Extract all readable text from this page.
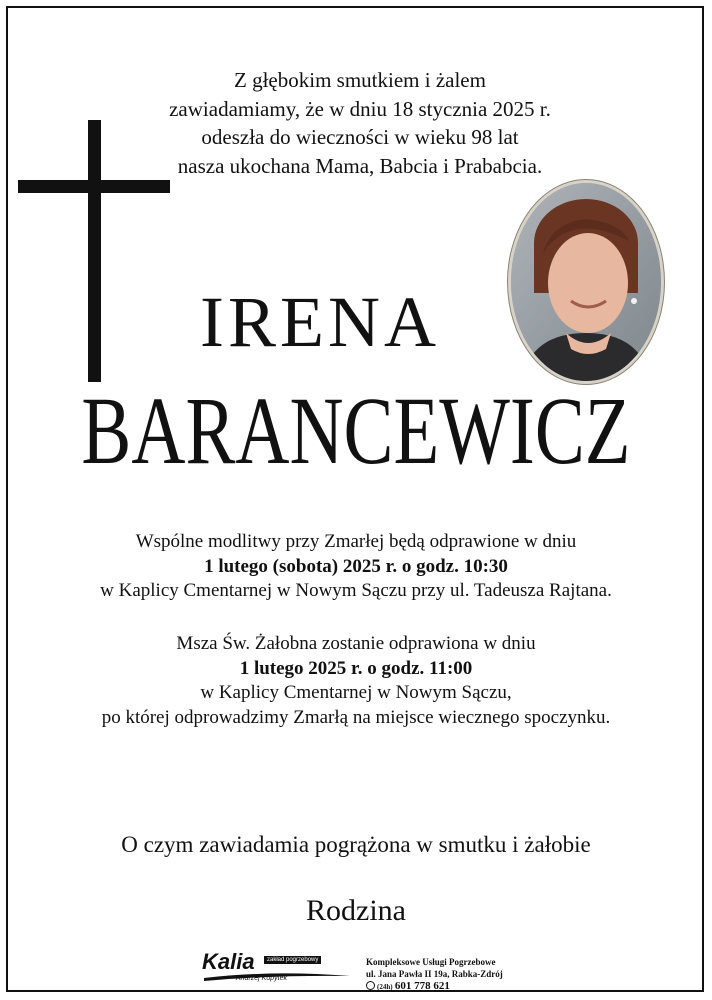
Z głębokim smutkiem i żalem
zawiadamiamy, że w dniu 18 stycznia 2025 r.
odeszła do wieczności w wieku 98 lat
nasza ukochana Mama, Babcia i Prababcia.
IRENA
BARANCEWICZ
Wspólne modlitwy przy Zmarłej będą odprawione w dniu
1 lutego (sobota) 2025 r. o godz. 10:30
w Kaplicy Cmentarnej w Nowym Sączu przy ul. Tadeusza Rajtana.
Msza Św. Żałobna zostanie odprawiona w dniu
1 lutego 2025 r. o godz. 11:00
w Kaplicy Cmentarnej w Nowym Sączu,
po której odprowadzimy Zmarłą na miejsce wiecznego spoczynku.
O czym zawiadamia pogrążona w smutku i żałobie
Rodzina
Kalia	zakład pogrzebowy
Andrzej Kopytek
Kompleksowe Usługi Pogrzebowe
ul. Jana Pawła II 19a, Rabka-Zdrój
(24h) 601 778 621
